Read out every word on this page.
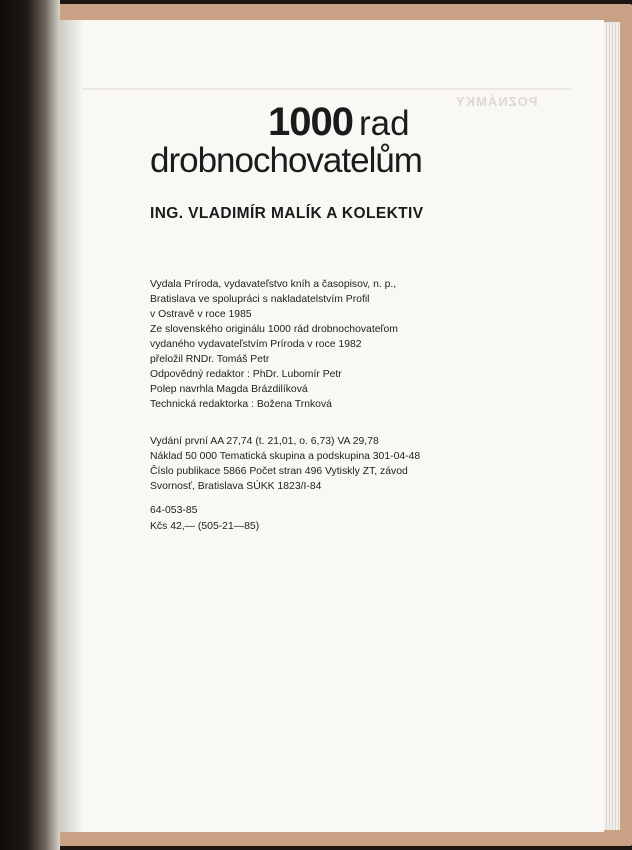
POZNÁMKY
1000 rad
drobnochovatelům
ING. VLADIMÍR MALÍK A KOLEKTIV
Vydala Príroda, vydavateľstvo kníh a časopisov, n. p.,
Bratislava ve spolupráci s nakladatelstvím Profil
v Ostravě v roce 1985
Ze slovenského originálu 1000 rád drobnochovateľom
vydaného vydavateľstvím Príroda v roce 1982
přeložil RNDr. Tomáš Petr
Odpovědný redaktor : PhDr. Lubomír Petr
Polep navrhla Magda Brázdilíková
Technická redaktorka : Božena Trnková
Vydání první AA 27,74 (t. 21,01, o. 6,73) VA 29,78
Náklad 50 000 Tematická skupina a podskupina 301-04-48
Číslo publikace 5866 Počet stran 496 Vytiskly ZT, závod
Svornosť, Bratislava SÚKK 1823/I-84
64-053-85
Kčs 42,— (505-21—85)
